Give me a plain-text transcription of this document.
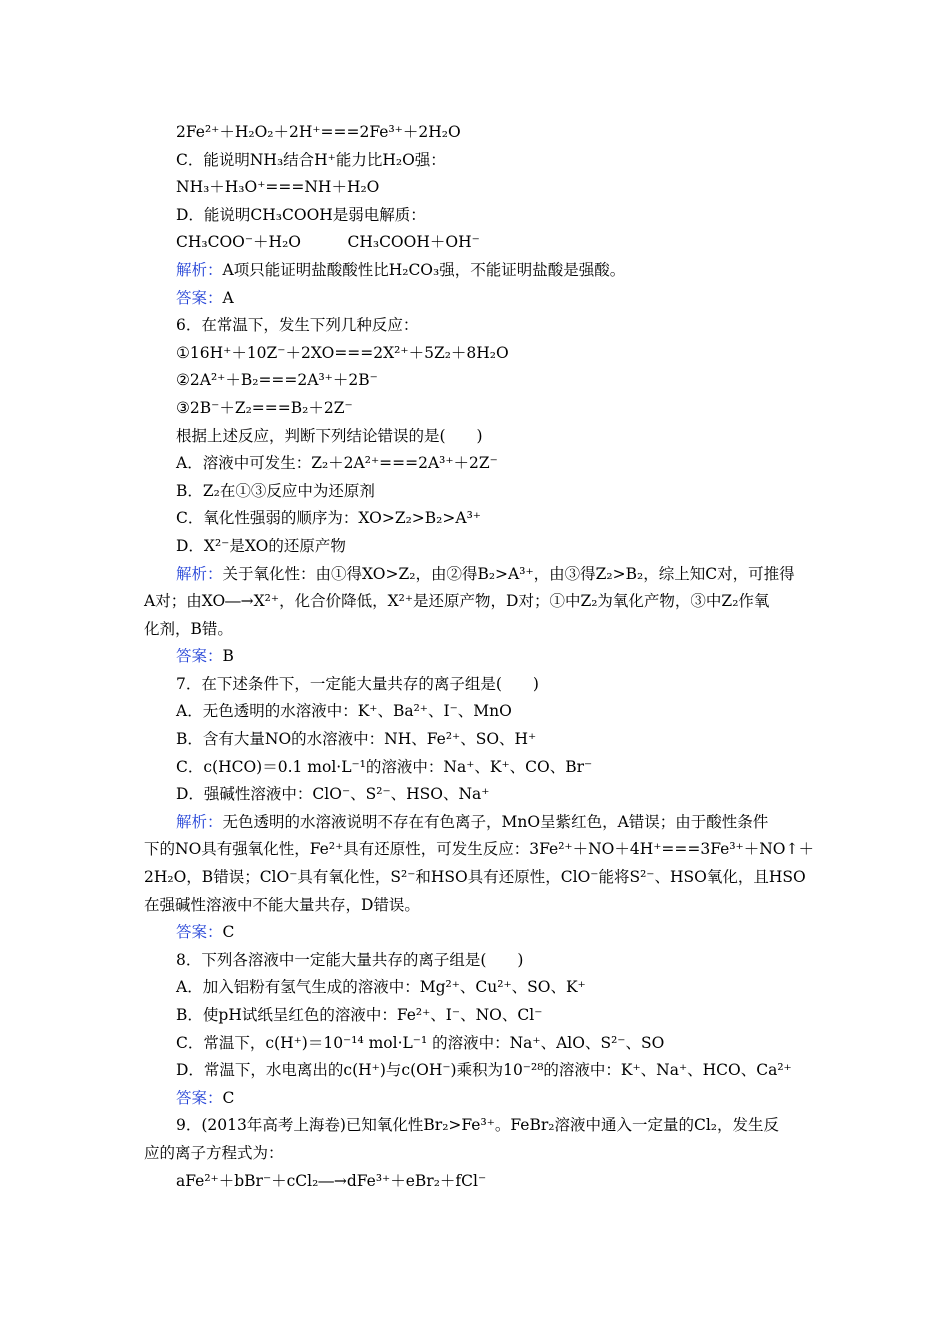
2Fe²⁺＋H₂O₂＋2H⁺===2Fe³⁺＋2H₂O
C．能说明NH₃结合H⁺能力比H₂O强：
NH₃＋H₃O⁺===NH＋H₂O
D．能说明CH₃COOH是弱电解质：
CH₃COO⁻＋H₂O　　　CH₃COOH＋OH⁻
解析：A项只能证明盐酸酸性比H₂CO₃强，不能证明盐酸是强酸。
答案：A
6．在常温下，发生下列几种反应：
①16H⁺＋10Z⁻＋2XO===2X²⁺＋5Z₂＋8H₂O
②2A²⁺＋B₂===2A³⁺＋2B⁻
③2B⁻＋Z₂===B₂＋2Z⁻
根据上述反应，判断下列结论错误的是(　　)
A．溶液中可发生：Z₂＋2A²⁺===2A³⁺＋2Z⁻
B．Z₂在①③反应中为还原剂
C．氧化性强弱的顺序为：XO>Z₂>B₂>A³⁺
D．X²⁻是XO的还原产物
解析：关于氧化性：由①得XO>Z₂，由②得B₂>A³⁺，由③得Z₂>B₂，综上知C对，可推得
A对；由XO―→X²⁺，化合价降低，X²⁺是还原产物，D对；①中Z₂为氧化产物，③中Z₂作氧
化剂，B错。
答案：B
7．在下述条件下，一定能大量共存的离子组是(　　)
A．无色透明的水溶液中：K⁺、Ba²⁺、I⁻、MnO
B．含有大量NO的水溶液中：NH、Fe²⁺、SO、H⁺
C．c(HCO)＝0.1 mol·L⁻¹的溶液中：Na⁺、K⁺、CO、Br⁻
D．强碱性溶液中：ClO⁻、S²⁻、HSO、Na⁺
解析：无色透明的水溶液说明不存在有色离子，MnO呈紫红色，A错误；由于酸性条件
下的NO具有强氧化性，Fe²⁺具有还原性，可发生反应：3Fe²⁺＋NO＋4H⁺===3Fe³⁺＋NO↑＋
2H₂O，B错误；ClO⁻具有氧化性，S²⁻和HSO具有还原性，ClO⁻能将S²⁻、HSO氧化，且HSO
在强碱性溶液中不能大量共存，D错误。
答案：C
8．下列各溶液中一定能大量共存的离子组是(　　)
A．加入铝粉有氢气生成的溶液中：Mg²⁺、Cu²⁺、SO、K⁺
B．使pH试纸呈红色的溶液中：Fe²⁺、I⁻、NO、Cl⁻
C．常温下，c(H⁺)＝10⁻¹⁴ mol·L⁻¹ 的溶液中：Na⁺、AlO、S²⁻、SO
D．常温下，水电离出的c(H⁺)与c(OH⁻)乘积为10⁻²⁸的溶液中：K⁺、Na⁺、HCO、Ca²⁺
答案：C
9．(2013年高考上海卷)已知氧化性Br₂>Fe³⁺。FeBr₂溶液中通入一定量的Cl₂，发生反
应的离子方程式为：
aFe²⁺＋bBr⁻＋cCl₂―→dFe³⁺＋eBr₂＋fCl⁻
